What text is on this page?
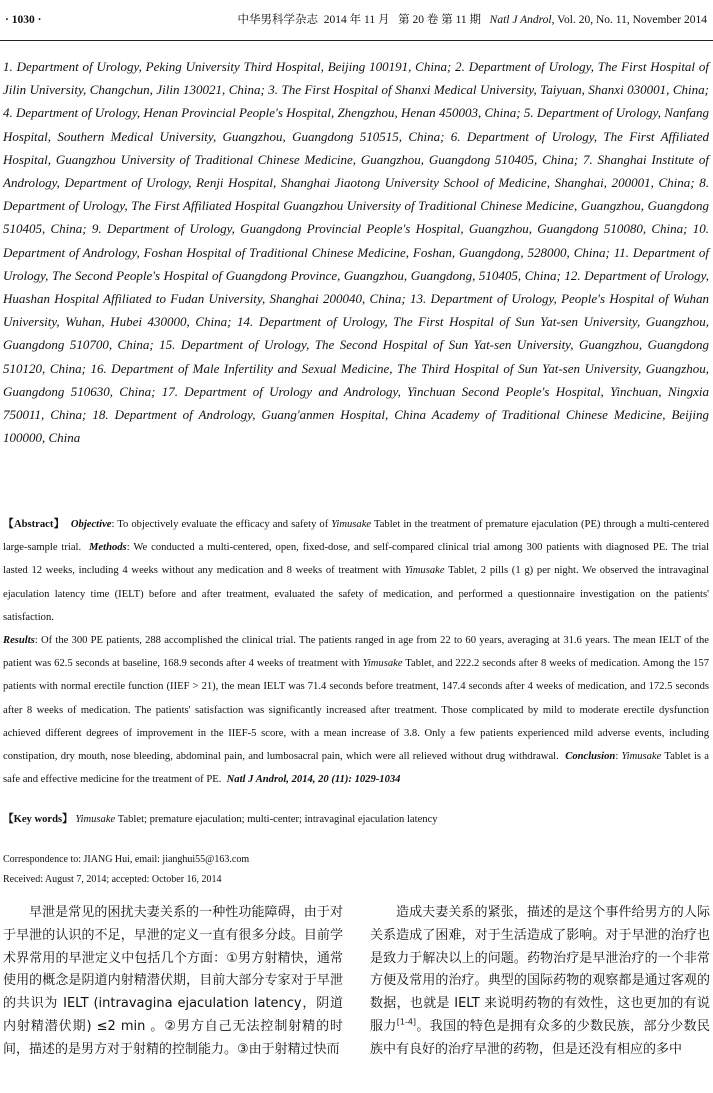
· 1030 ·	中华男科学杂志 2014 年 11 月 第 20 卷 第 11 期 Natl J Androl, Vol. 20, No. 11, November 2014
1. Department of Urology, Peking University Third Hospital, Beijing 100191, China; 2. Department of Urology, The First Hospital of Jilin University, Changchun, Jilin 130021, China; 3. The First Hospital of Shanxi Medical University, Taiyuan, Shanxi 030001, China; 4. Department of Urology, Henan Provincial People's Hospital, Zhengzhou, Henan 450003, China; 5. Department of Urology, Nanfang Hospital, Southern Medical University, Guangzhou, Guangdong 510515, China; 6. Department of Urology, The First Affiliated Hospital, Guangzhou University of Traditional Chinese Medicine, Guangzhou, Guangdong 510405, China; 7. Shanghai Institute of Andrology, Department of Urology, Renji Hospital, Shanghai Jiaotong University School of Medicine, Shanghai, 200001, China; 8. Department of Urology, The First Affiliated Hospital Guangzhou University of Traditional Chinese Medicine, Guangzhou, Guangdong 510405, China; 9. Department of Urology, Guangdong Provincial People's Hospital, Guangzhou, Guangdong 510080, China; 10. Department of Andrology, Foshan Hospital of Traditional Chinese Medicine, Foshan, Guangdong, 528000, China; 11. Department of Urology, The Second People's Hospital of Guangdong Province, Guangzhou, Guangdong, 510405, China; 12. Department of Urology, Huashan Hospital Affiliated to Fudan University, Shanghai 200040, China; 13. Department of Urology, People's Hospital of Wuhan University, Wuhan, Hubei 430000, China; 14. Department of Urology, The First Hospital of Sun Yat-sen University, Guangzhou, Guangdong 510700, China; 15. Department of Urology, The Second Hospital of Sun Yat-sen University, Guangzhou, Guangdong 510120, China; 16. Department of Male Infertility and Sexual Medicine, The Third Hospital of Sun Yat-sen University, Guangzhou, Guangdong 510630, China; 17. Department of Urology and Andrology, Yinchuan Second People's Hospital, Yinchuan, Ningxia 750011, China; 18. Department of Andrology, Guang'anmen Hospital, China Academy of Traditional Chinese Medicine, Beijing 100000, China
【Abstract】 Objective: To objectively evaluate the efficacy and safety of Yimusake Tablet in the treatment of premature ejaculation (PE) through a multi-centered large-sample trial. Methods: We conducted a multi-centered, open, fixed-dose, and self-compared clinical trial among 300 patients with diagnosed PE. The trial lasted 12 weeks, including 4 weeks without any medication and 8 weeks of treatment with Yimusake Tablet, 2 pills (1 g) per night. We observed the intravaginal ejaculation latency time (IELT) before and after treatment, evaluated the safety of medication, and performed a questionnaire investigation on the patients' satisfaction.
Results: Of the 300 PE patients, 288 accomplished the clinical trial. The patients ranged in age from 22 to 60 years, averaging at 31.6 years. The mean IELT of the patient was 62.5 seconds at baseline, 168.9 seconds after 4 weeks of treatment with Yimusake Tablet, and 222.2 seconds after 8 weeks of medication. Among the 157 patients with normal erectile function (IIEF > 21), the mean IELT was 71.4 seconds before treatment, 147.4 seconds after 4 weeks of medication, and 172.5 seconds after 8 weeks of medication. The patients' satisfaction was significantly increased after treatment. Those complicated by mild to moderate erectile dysfunction achieved different degrees of improvement in the IIEF-5 score, with a mean increase of 3.8. Only a few patients experienced mild adverse events, including constipation, dry mouth, nose bleeding, abdominal pain, and lumbosacral pain, which were all relieved without drug withdrawal. Conclusion: Yimusake Tablet is a safe and effective medicine for the treatment of PE. Natl J Androl, 2014, 20 (11): 1029-1034
【Key words】 Yimusake Tablet; premature ejaculation; multi-center; intravaginal ejaculation latency
Correspondence to: JIANG Hui, email: jianghui55@163.com
Received: August 7, 2014; accepted: October 16, 2014
早泄是常见的困扰夫妻关系的一种性功能障碍，由于对于早泄的认识的不足，早泄的定义一直有很多分歧。目前学术界常用的早泄定义中包括几个方面：①男方射精快，通常使用的概念是阴道内射精潜伏期，目前大部分专家对于早泄的共识为 IELT (intravagina ejaculation latency，阴道内射精潜伏期) ≤2 min 。②男方自己无法控制射精的时间，描述的是男方对于射精的控制能力。③由于射精过快而
造成夫妻关系的紧张，描述的是这个事件给男方的人际关系造成了困难，对于生活造成了影响。对于早泄的治疗也是致力于解决以上的问题。药物治疗是早泄治疗的一个非常方便及常用的治疗。典型的国际药物的观察都是通过客观的数据，也就是 IELT 来说明药物的有效性，这也更加的有说服力[1-4]。我国的特色是拥有众多的少数民族，部分少数民族中有良好的治疗早泄的药物，但是还没有相应的多中
